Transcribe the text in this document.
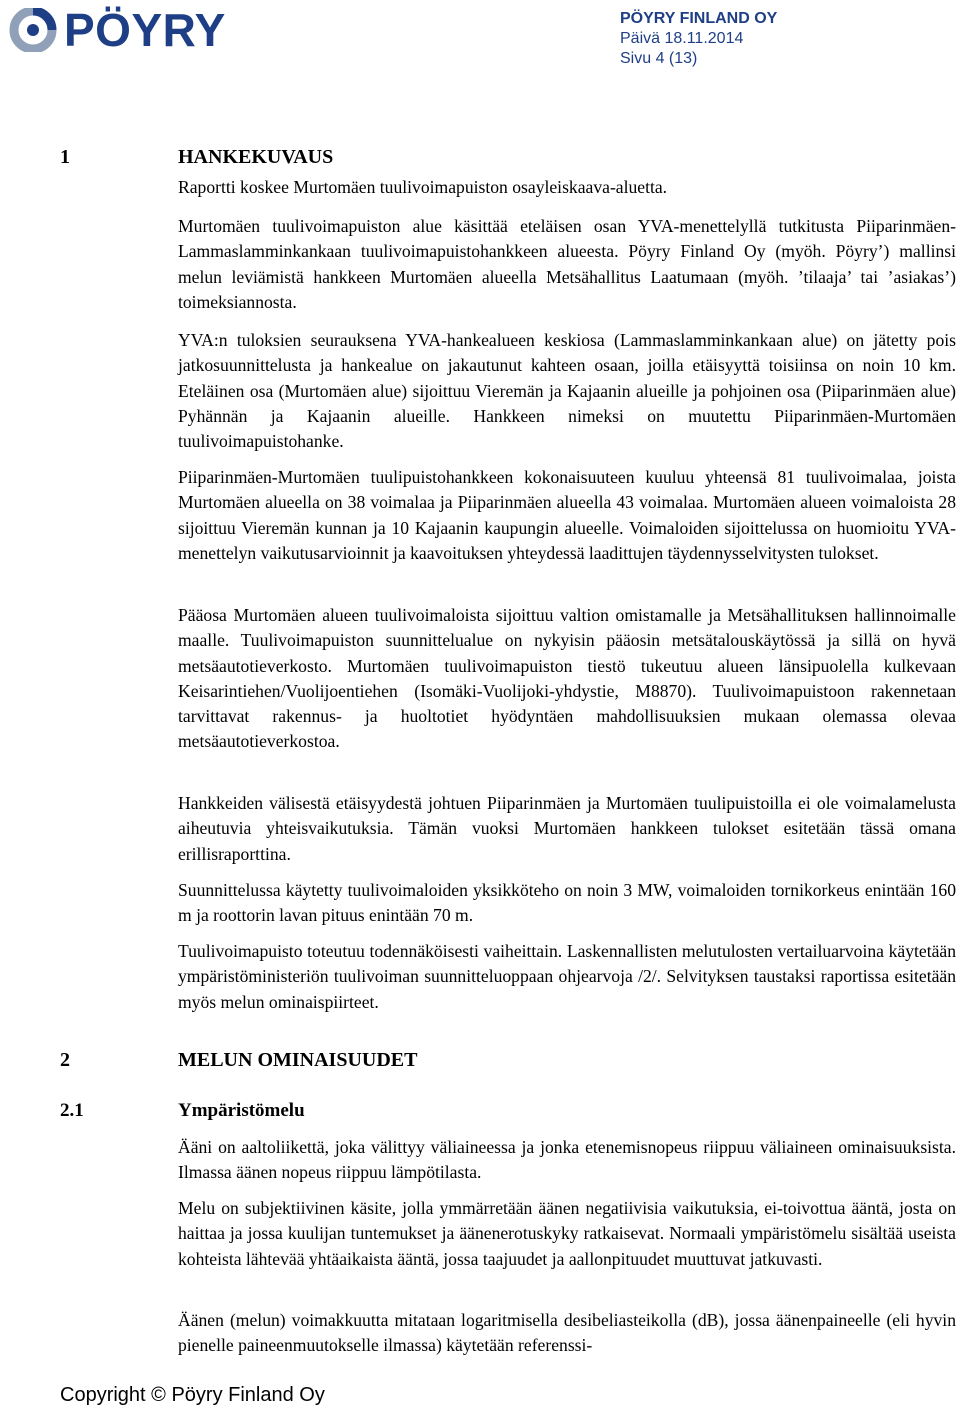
PÖYRY	PÖYRY FINLAND OY
Päivä 18.11.2014
Sivu 4 (13)
1	HANKEKUVAUS

Raportti koskee Murtomäen tuulivoimapuiston osayleiskaava-aluetta.

Murtomäen tuulivoimapuiston alue käsittää eteläisen osan YVA-menettelyllä tutkitusta Piiparinmäen-Lammaslamminkankaan tuulivoimapuistohankkeen alueesta. Pöyry Finland Oy (myöh. Pöyry’) mallinsi melun leviämistä hankkeen Murtomäen alueella Metsähallitus Laatumaan (myöh. ’tilaaja’ tai ’asiakas’) toimeksiannosta.

YVA:n tuloksien seurauksena YVA-hankealueen keskiosa (Lammaslamminkankaan alue) on jätetty pois jatkosuunnittelusta ja hankealue on jakautunut kahteen osaan, joilla etäisyyttä toisiinsa on noin 10 km. Eteläinen osa (Murtomäen alue) sijoittuu Vieremän ja Kajaanin alueille ja pohjoinen osa (Piiparinmäen alue) Pyhännän ja Kajaanin alueille. Hankkeen nimeksi on muutettu Piiparinmäen-Murtomäen tuulivoimapuistohanke.

Piiparinmäen-Murtomäen tuulipuistohankkeen kokonaisuuteen kuuluu yhteensä 81 tuulivoimalaa, joista Murtomäen alueella on 38 voimalaa ja Piiparinmäen alueella 43 voimalaa. Murtomäen alueen voimaloista 28 sijoittuu Vieremän kunnan ja 10 Kajaanin kaupungin alueelle. Voimaloiden sijoittelussa on huomioitu YVA-menettelyn vaikutusarvioinnit ja kaavoituksen yhteydessä laadittujen täydennysselvitysten tulokset.

Pääosa Murtomäen alueen tuulivoimaloista sijoittuu valtion omistamalle ja Metsähallituksen hallinnoimalle maalle. Tuulivoimapuiston suunnittelualue on nykyisin pääosin metsätalouskäytössä ja sillä on hyvä metsäautotieverkosto. Murtomäen tuulivoimapuiston tiestö tukeutuu alueen länsipuolella kulkevaan Keisarintiehen/Vuolijoentiehen (Isomäki-Vuolijoki-yhdystie, M8870). Tuulivoimapuistoon rakennetaan tarvittavat rakennus- ja huoltotiet hyödyntäen mahdollisuuksien mukaan olemassa olevaa metsäautotieverkostoa.

Hankkeiden välisestä etäisyydestä johtuen Piiparinmäen ja Murtomäen tuulipuistoilla ei ole voimalamelusta aiheutuvia yhteisvaikutuksia. Tämän vuoksi Murtomäen hankkeen tulokset esitetään tässä omana erillisraporttina.

Suunnittelussa käytetty tuulivoimaloiden yksikköteho on noin 3 MW, voimaloiden tornikorkeus enintään 160 m ja roottorin lavan pituus enintään 70 m.

Tuulivoimapuisto toteutuu todennäköisesti vaiheittain. Laskennallisten melutulosten vertailuarvoina käytetään ympäristöministeriön tuulivoiman suunnitteluoppaan ohjearvoja /2/. Selvityksen taustaksi raportissa esitetään myös melun ominaispiirteet.

2	MELUN OMINAISUUDET
2.1	Ympäristömelu

Ääni on aaltoliikettä, joka välittyy väliaineessa ja jonka etenemisnopeus riippuu väliaineen ominaisuuksista. Ilmassa äänen nopeus riippuu lämpötilasta.

Melu on subjektiivinen käsite, jolla ymmärretään äänen negatiivisia vaikutuksia, ei-toivottua ääntä, josta on haittaa ja jossa kuulijan tuntemukset ja äänenerotuskyky ratkaisevat. Normaali ympäristömelu sisältää useista kohteista lähtevää yhtäaikaista ääntä, jossa taajuudet ja aallonpituudet muuttuvat jatkuvasti.

Äänen (melun) voimakkuutta mitataan logaritmisella desibeliasteikolla (dB), jossa äänenpaineelle (eli hyvin pienelle paineenmuutokselle ilmassa) käytetään referenssi-

Copyright © Pöyry Finland Oy
